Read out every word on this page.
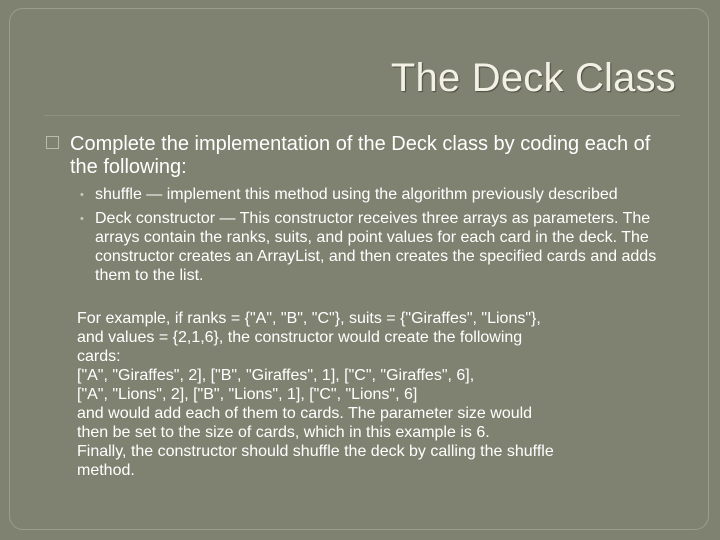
The Deck Class

Complete the implementation of the Deck class by coding each of the following:

• shuffle — implement this method using the algorithm previously described
• Deck constructor — This constructor receives three arrays as parameters. The arrays contain the ranks, suits, and point values for each card in the deck. The constructor creates an ArrayList, and then creates the specified cards and adds them to the list.
For example, if ranks = {"A", "B", "C"}, suits = {"Giraffes", "Lions"},
and values = {2,1,6}, the constructor would create the following
cards:
["A", "Giraffes", 2], ["B", "Giraffes", 1], ["C", "Giraffes", 6],
["A", "Lions", 2], ["B", "Lions", 1], ["C", "Lions", 6]
and would add each of them to cards. The parameter size would
then be set to the size of cards, which in this example is 6.
Finally, the constructor should shuffle the deck by calling the shuffle
method.
